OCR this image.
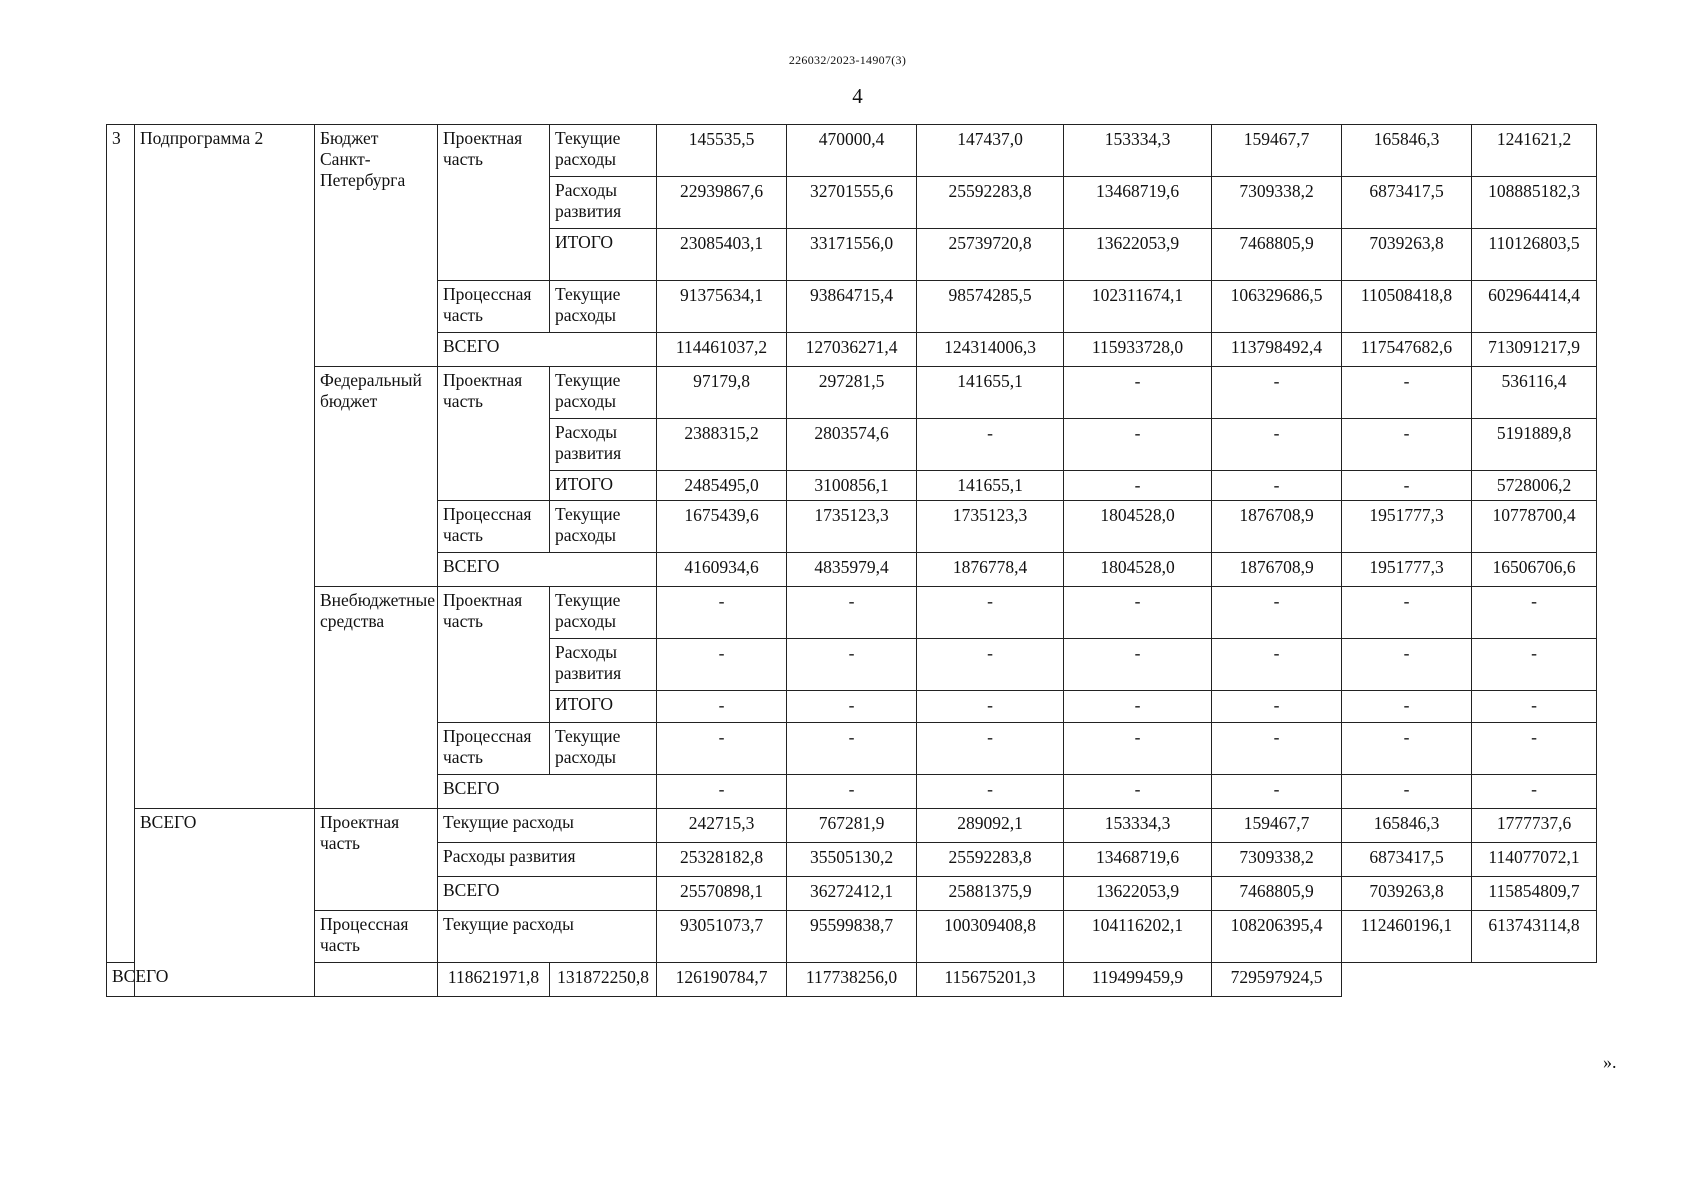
226032/2023-14907(3)
4
3	Подпрограмма 2	Бюджет Санкт-Петербурга	Проектная часть	Текущие расходы	145535,5	470000,4	147437,0	153334,3	159467,7	165846,3	1241621,2
				Расходы развития	22939867,6	32701555,6	25592283,8	13468719,6	7309338,2	6873417,5	108885182,3
				ИТОГО	23085403,1	33171556,0	25739720,8	13622053,9	7468805,9	7039263,8	110126803,5
			Процессная часть	Текущие расходы	91375634,1	93864715,4	98574285,5	102311674,1	106329686,5	110508418,8	602964414,4
			ВСЕГО		114461037,2	127036271,4	124314006,3	115933728,0	113798492,4	117547682,6	713091217,9
		Федеральный бюджет	Проектная часть	Текущие расходы	97179,8	297281,5	141655,1	-	-	-	536116,4
				Расходы развития	2388315,2	2803574,6	-	-	-	-	5191889,8
				ИТОГО	2485495,0	3100856,1	141655,1	-	-	-	5728006,2
			Процессная часть	Текущие расходы	1675439,6	1735123,3	1735123,3	1804528,0	1876708,9	1951777,3	10778700,4
			ВСЕГО		4160934,6	4835979,4	1876778,4	1804528,0	1876708,9	1951777,3	16506706,6
		Внебюджетные средства	Проектная часть	Текущие расходы	-	-	-	-	-	-	-
				Расходы развития	-	-	-	-	-	-	-
				ИТОГО	-	-	-	-	-	-	-
			Процессная часть	Текущие расходы	-	-	-	-	-	-	-
			ВСЕГО		-	-	-	-	-	-	-
	ВСЕГО	Проектная часть	Текущие расходы		242715,3	767281,9	289092,1	153334,3	159467,7	165846,3	1777737,6
			Расходы развития		25328182,8	35505130,2	25592283,8	13468719,6	7309338,2	6873417,5	114077072,1
			ВСЕГО		25570898,1	36272412,1	25881375,9	13622053,9	7468805,9	7039263,8	115854809,7
		Процессная часть	Текущие расходы		93051073,7	95599838,7	100309408,8	104116202,1	108206395,4	112460196,1	613743114,8
ВСЕГО			118621971,8	131872250,8	126190784,7	117738256,0	115675201,3	119499459,9	729597924,5		
».
